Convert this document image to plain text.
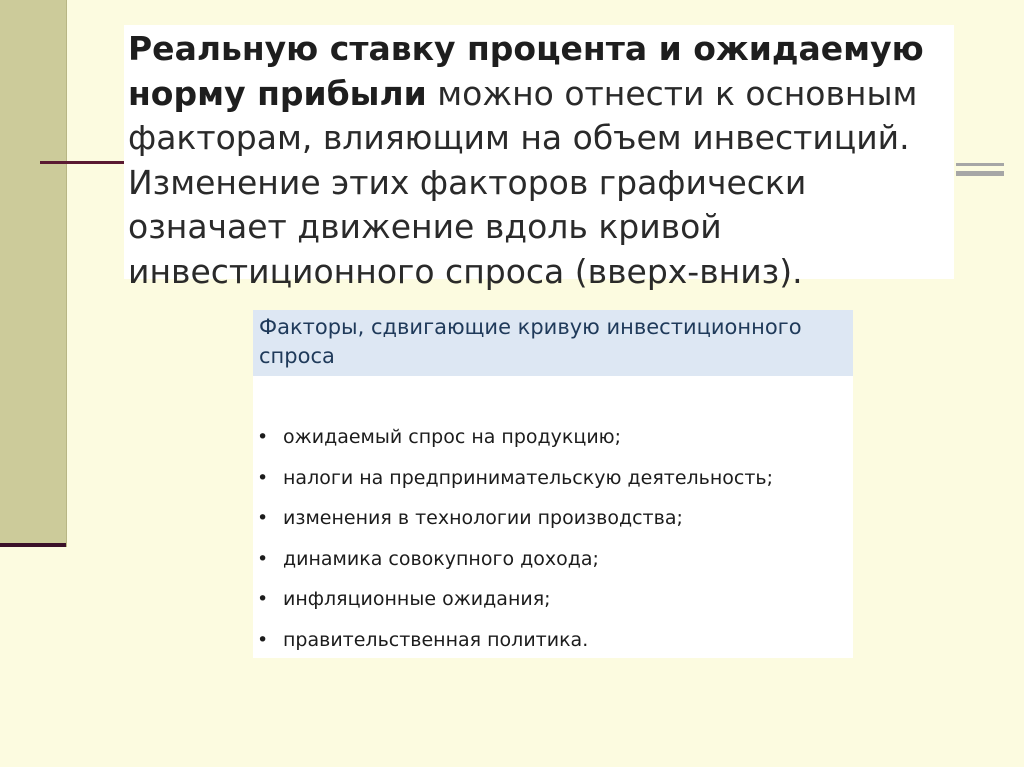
Реальную ставку процента и ожидаемую норму прибыли можно отнести к основным факторам, влияющим на объем инвестиций. Изменение этих факторов графически означает движение вдоль кривой инвестиционного спроса (вверх-вниз).

Факторы, сдвигающие кривую инвестиционного спроса
• ожидаемый спрос на продукцию;
• налоги на предпринимательскую деятельность;
• изменения в технологии производства;
• динамика совокупного дохода;
• инфляционные ожидания;
• правительственная политика.
